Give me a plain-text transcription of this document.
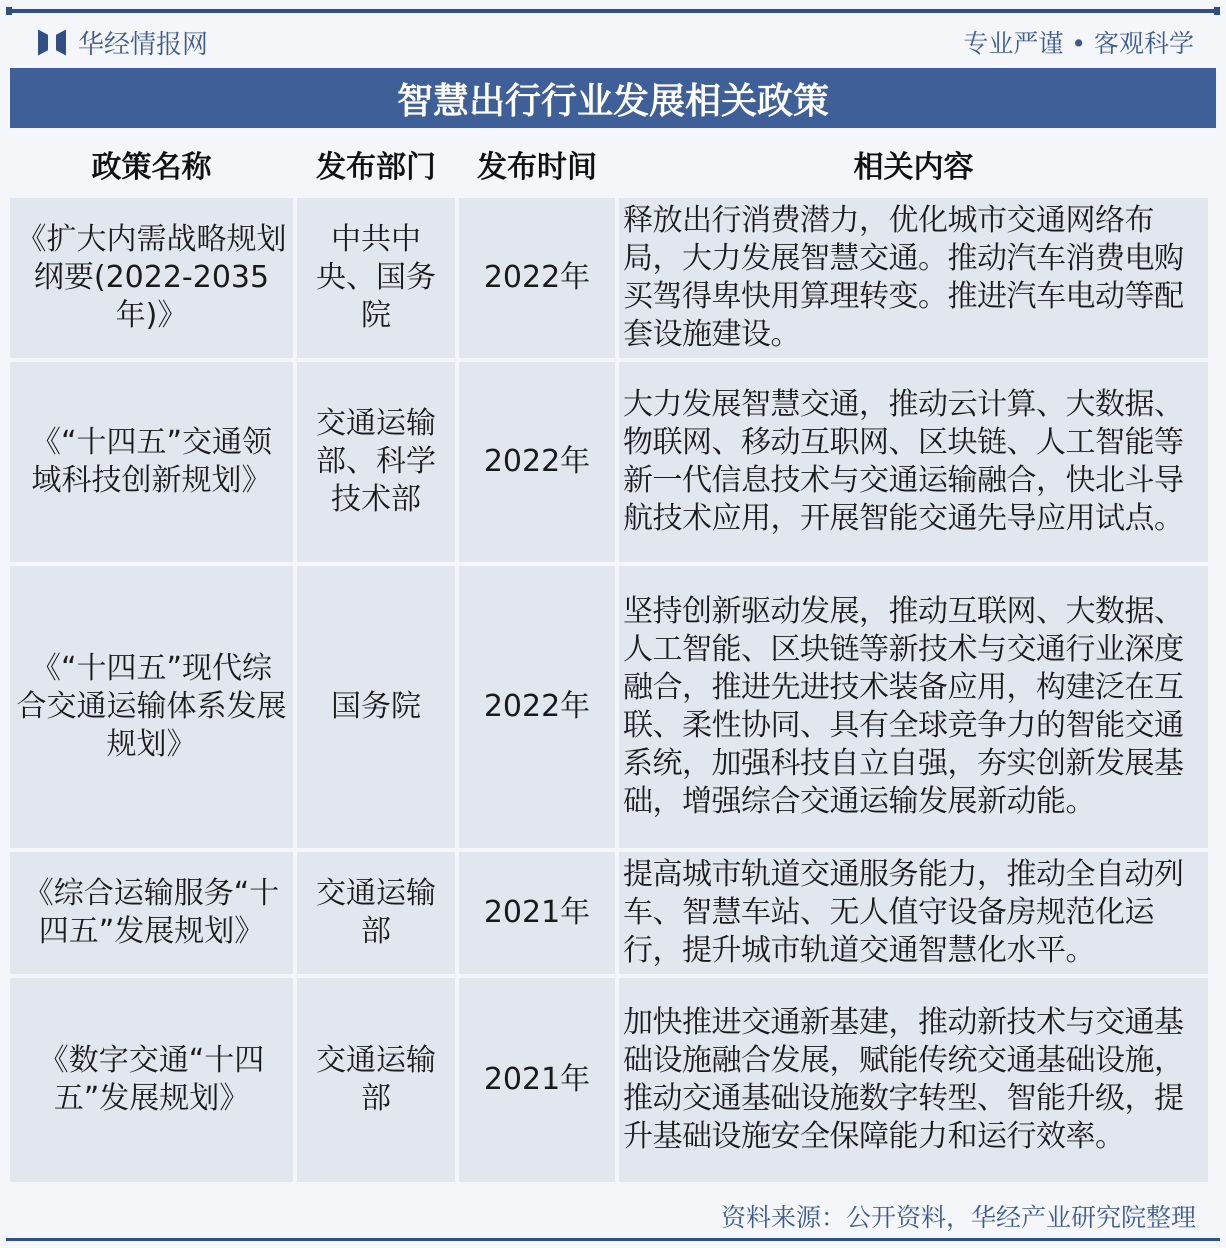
华经情报网	专业严谨 • 客观科学
智慧出行行业发展相关政策
政策名称	发布部门	发布时间	相关内容
《扩大内需战略规划纲要(2022-2035年)》	中共中央、国务院	2022年	释放出行消费潜力，优化城市交通网络布局，大力发展智慧交通。推动汽车消费电购买驾得卑快用算理转变。推进汽车电动等配套设施建设。
《“十四五”交通领域科技创新规划》	交通运输部、科学技术部	2022年	大力发展智慧交通，推动云计算、大数据、物联网、移动互职网、区块链、人工智能等新一代信息技术与交通运输融合，快北斗导航技术应用，开展智能交通先导应用试点。
《“十四五”现代综合交通运输体系发展规划》	国务院	2022年	坚持创新驱动发展，推动互联网、大数据、人工智能、区块链等新技术与交通行业深度融合，推进先进技术装备应用，构建泛在互联、柔性协同、具有全球竞争力的智能交通系统，加强科技自立自强，夯实创新发展基础，增强综合交通运输发展新动能。
《综合运输服务“十四五”发展规划》	交通运输部	2021年	提高城市轨道交通服务能力，推动全自动列车、智慧车站、无人值守设备房规范化运行，提升城市轨道交通智慧化水平。
《数字交通“十四五”发展规划》	交通运输部	2021年	加快推进交通新基建，推动新技术与交通基础设施融合发展，赋能传统交通基础设施，推动交通基础设施数字转型、智能升级，提升基础设施安全保障能力和运行效率。
资料来源：公开资料，华经产业研究院整理
